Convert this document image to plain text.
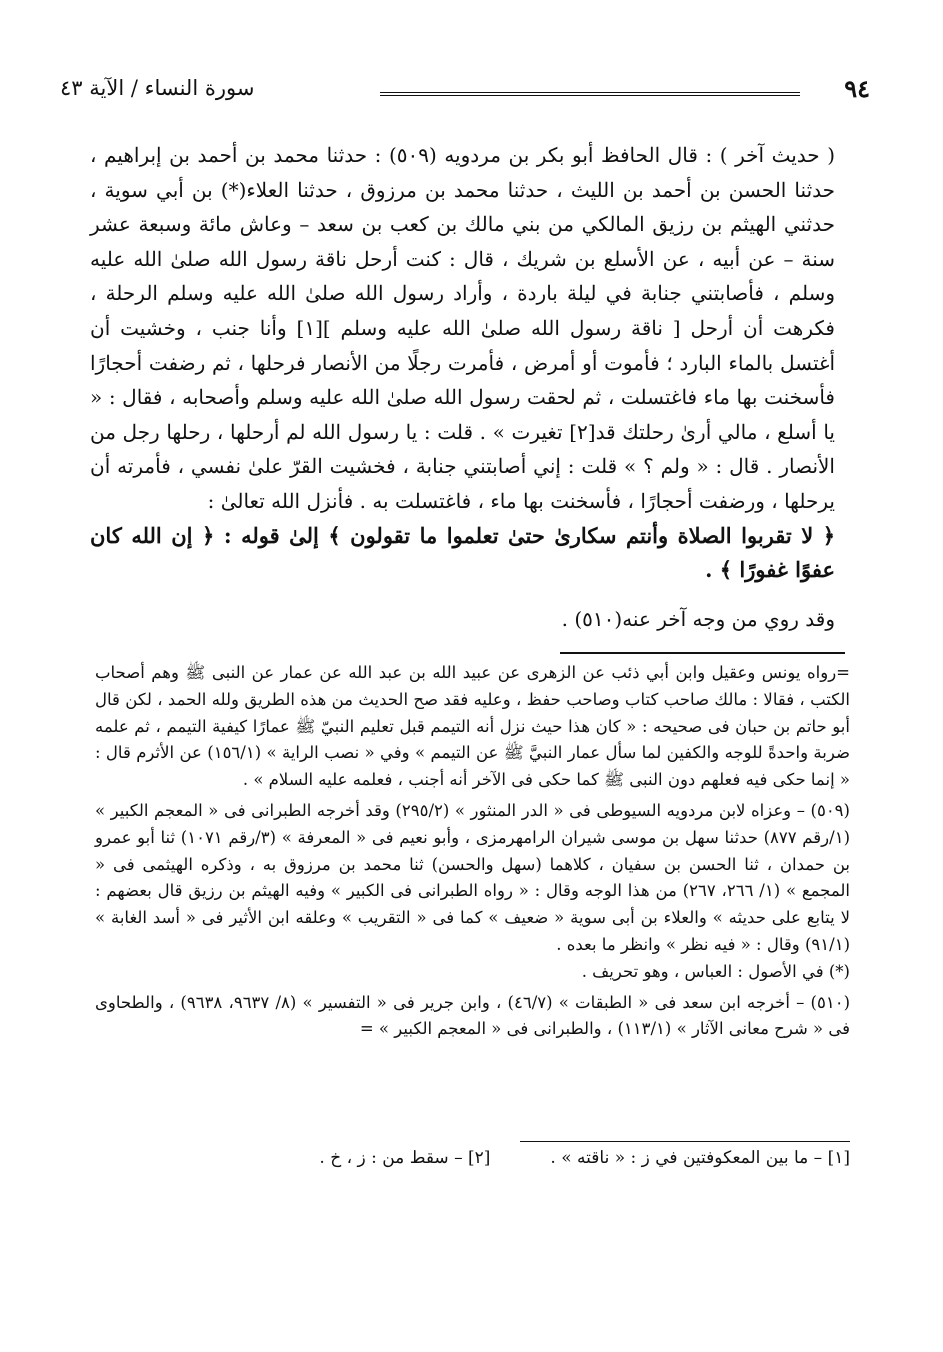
٩٤
سورة النساء / الآية ٤٣

( حديث آخر ) : قال الحافظ أبو بكر بن مردويه (٥٠٩) : حدثنا محمد بن أحمد بن إبراهيم ، حدثنا الحسن بن أحمد بن الليث ، حدثنا محمد بن مرزوق ، حدثنا العلاء(*) بن أبي سوية ، حدثني الهيثم بن رزيق المالكي من بني مالك بن كعب بن سعد – وعاش مائة وسبعة عشر سنة – عن أبيه ، عن الأسلع بن شريك ، قال : كنت أرحل ناقة رسول الله صلىٰ الله عليه وسلم ، فأصابتني جنابة في ليلة باردة ، وأراد رسول الله صلىٰ الله عليه وسلم الرحلة ، فكرهت أن أرحل [ ناقة رسول الله صلىٰ الله عليه وسلم ][١] وأنا جنب ، وخشيت أن أغتسل بالماء البارد ؛ فأموت أو أمرض ، فأمرت رجلًا من الأنصار فرحلها ، ثم رضفت أحجارًا فأسخنت بها ماء فاغتسلت ، ثم لحقت رسول الله صلىٰ الله عليه وسلم وأصحابه ، فقال : « يا أسلع ، مالي أرىٰ رحلتك قد[٢] تغيرت » . قلت : يا رسول الله لم أرحلها ، رحلها رجل من الأنصار . قال : « ولم ؟ » قلت : إني أصابتني جنابة ، فخشيت القرّ علىٰ نفسي ، فأمرته أن يرحلها ، ورضفت أحجارًا ، فأسخنت بها ماء ، فاغتسلت به . فأنزل الله تعالىٰ :

﴿ لا تقربوا الصلاة وأنتم سكارىٰ حتىٰ تعلموا ما تقولون ﴾ إلىٰ قوله : ﴿ إن الله كان عفوًا غفورًا ﴾ .

وقد روي من وجه آخر عنه(٥١٠) .

=رواه يونس وعقيل وابن أبي ذئب عن الزهرى عن عبيد الله بن عبد الله عن عمار عن النبى ﷺ وهم أصحاب الكتب ، فقالا : مالك صاحب كتاب وصاحب حفظ ، وعليه فقد صح الحديث من هذه الطريق ولله الحمد ، لكن قال أبو حاتم بن حبان فى صحيحه : « كان هذا حيث نزل أنه التيمم قبل تعليم النبيّ ﷺ عمارًا كيفية التيمم ، ثم علمه ضربة واحدةً للوجه والكفين لما سأل عمار النبيَّ ﷺ عن التيمم » وفي « نصب الراية » (١٥٦/١) عن الأثرم قال : « إنما حكى فيه فعلهم دون النبى ﷺ كما حكى فى الآخر أنه أجنب ، فعلمه عليه السلام » .

(٥٠٩) – وعزاه لابن مردويه السيوطى فى « الدر المنثور » (٢٩٥/٢) وقد أخرجه الطبرانى فى « المعجم الكبير » (١/رقم ٨٧٧) حدثنا سهل بن موسى شيران الرامهرمزى ، وأبو نعيم فى « المعرفة » (٣/رقم ١٠٧١) ثنا أبو عمرو بن حمدان ، ثنا الحسن بن سفيان ، كلاهما (سهل والحسن) ثنا محمد بن مرزوق به ، وذكره الهيثمى فى « المجمع » (١/ ٢٦٦، ٢٦٧) من هذا الوجه وقال : « رواه الطبرانى فى الكبير » وفيه الهيثم بن رزيق قال بعضهم : لا يتابع على حديثه » والعلاء بن أبى سوية « ضعيف » كما فى « التقريب » وعلقه ابن الأثير فى « أسد الغابة » (٩١/١) وقال : « فيه نظر » وانظر ما بعده .

(*) في الأصول : العباس ، وهو تحريف .

(٥١٠) – أخرجه ابن سعد فى « الطبقات » (٤٦/٧) ، وابن جرير فى « التفسير » (٨/ ٩٦٣٧، ٩٦٣٨) ، والطحاوى فى « شرح معانى الآثار » (١١٣/١) ، والطبرانى فى « المعجم الكبير » =

[١] – ما بين المعكوفتين في ز : « ناقته » .
[٢] – سقط من : ز ، خ .
